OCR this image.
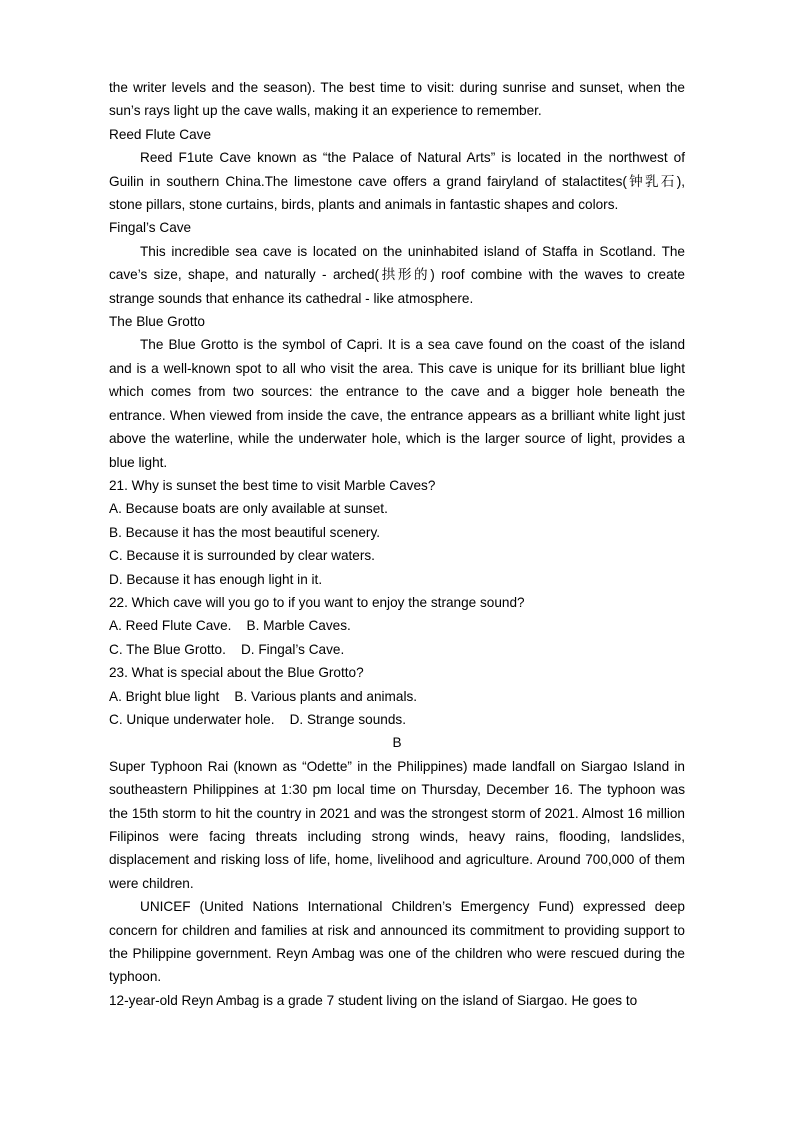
the writer levels and the season). The best time to visit: during sunrise and sunset, when the sun’s rays light up the cave walls, making it an experience to remember.

Reed Flute Cave

Reed F1ute Cave known as “the Palace of Natural Arts” is located in the northwest of Guilin in southern China.The limestone cave offers a grand fairyland of stalactites(钟乳石), stone pillars, stone curtains, birds, plants and animals in fantastic shapes and colors.

Fingal’s Cave

This incredible sea cave is located on the uninhabited island of Staffa in Scotland. The cave’s size, shape, and naturally - arched(拱形的) roof combine with the waves to create strange sounds that enhance its cathedral - like atmosphere.

The Blue Grotto

The Blue Grotto is the symbol of Capri. It is a sea cave found on the coast of the island and is a well-known spot to all who visit the area. This cave is unique for its brilliant blue light which comes from two sources: the entrance to the cave and a bigger hole beneath the entrance. When viewed from inside the cave, the entrance appears as a brilliant white light just above the waterline, while the underwater hole, which is the larger source of light, provides a blue light.

21. Why is sunset the best time to visit Marble Caves?

A. Because boats are only available at sunset.

B. Because it has the most beautiful scenery.

C. Because it is surrounded by clear waters.

D. Because it has enough light in it.

22. Which cave will you go to if you want to enjoy the strange sound?

A. Reed Flute Cave.    B. Marble Caves.

C. The Blue Grotto.    D. Fingal’s Cave.

23. What is special about the Blue Grotto?

A. Bright blue light    B. Various plants and animals.

C. Unique underwater hole.    D. Strange sounds.

B

Super Typhoon Rai (known as “Odette” in the Philippines) made landfall on Siargao Island in southeastern Philippines at 1:30 pm local time on Thursday, December 16. The typhoon was the 15th storm to hit the country in 2021 and was the strongest storm of 2021. Almost 16 million Filipinos were facing threats including strong winds, heavy rains, flooding, landslides, displacement and risking loss of life, home, livelihood and agriculture. Around 700,000 of them were children.

UNICEF (United Nations International Children’s Emergency Fund) expressed deep concern for children and families at risk and announced its commitment to providing support to the Philippine government. Reyn Ambag was one of the children who were rescued during the typhoon.

12-year-old Reyn Ambag is a grade 7 student living on the island of Siargao. He goes to
